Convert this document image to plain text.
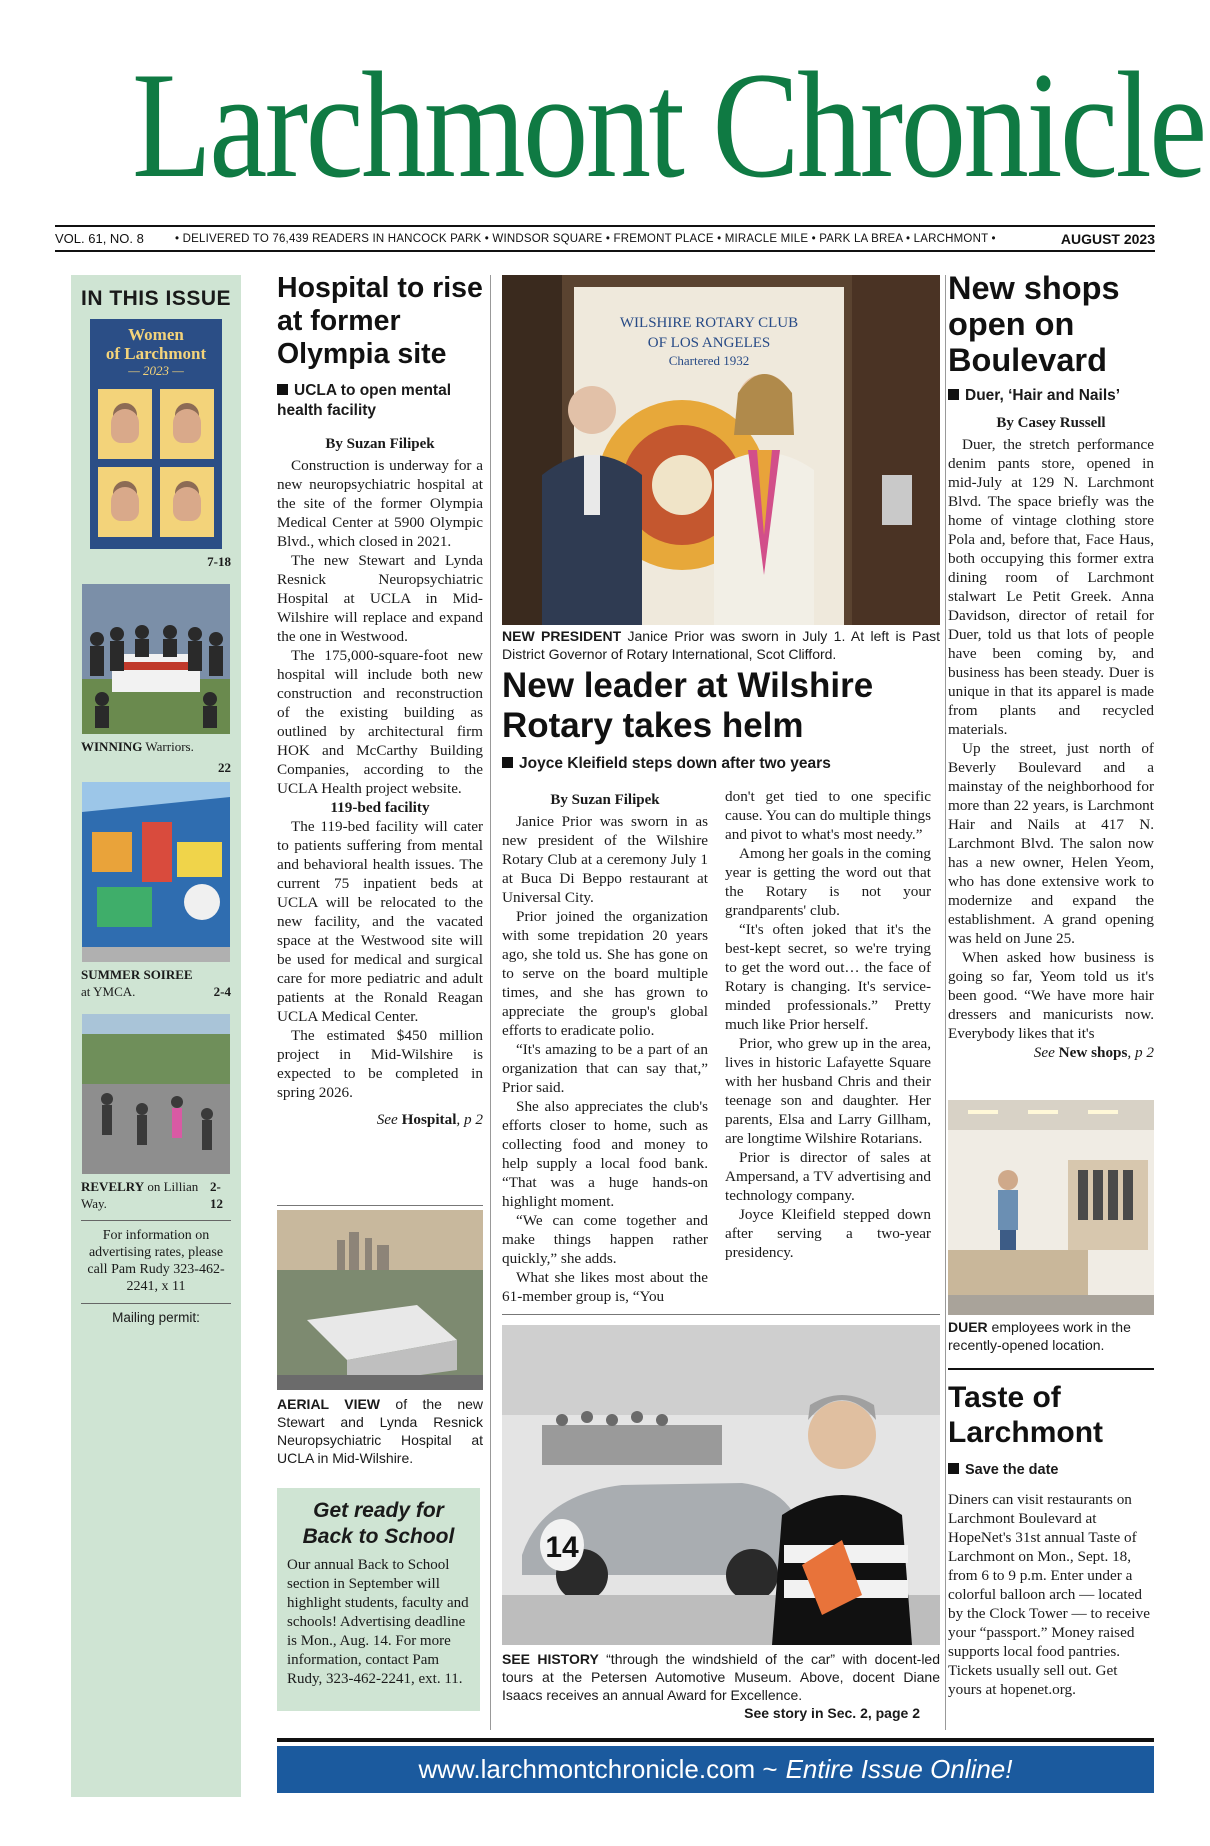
Larchmont Chronicle
VOL. 61, NO. 8	• DELIVERED TO 76,439 READERS IN HANCOCK PARK • WINDSOR SQUARE • FREMONT PLACE • MIRACLE MILE • PARK LA BREA • LARCHMONT •	AUGUST 2023
IN THIS ISSUE
Women
of Larchmont
— 2023 —
7-18
WINNING Warriors.
22
SUMMER SOIREE
at YMCA.	2-4
REVELRY on Lillian Way.
2-12
For information on advertising rates, please call Pam Rudy 323-462-2241, x 11
Mailing permit:
Hospital to rise at former Olympia site
UCLA to open mental health facility
By Suzan Filipek

Construction is underway for a new neuropsychiatric hospital at the site of the former Olympia Medical Center at 5900 Olympic Blvd., which closed in 2021.

The new Stewart and Lynda Resnick Neuropsychiatric Hospital at UCLA in Mid-Wilshire will replace and expand the one in Westwood.

The 175,000-square-foot new hospital will include both new construction and reconstruction of the existing building as outlined by architectural firm HOK and McCarthy Building Companies, according to the UCLA Health project website.

119-bed facility

The 119-bed facility will cater to patients suffering from mental and behavioral health issues. The current 75 inpatient beds at UCLA will be relocated to the new facility, and the vacated space at the Westwood site will be used for medical and surgical care for more pediatric and adult patients at the Ronald Reagan UCLA Medical Center.

The estimated $450 million project in Mid-Wilshire is expected to be completed in spring 2026.

See Hospital, p 2
AERIAL VIEW of the new Stewart and Lynda Resnick Neuropsychiatric Hospital at UCLA in Mid-Wilshire.
Get ready for Back to School
Our annual Back to School section in September will highlight students, faculty and schools! Advertising deadline is Mon., Aug. 14. For more information, contact Pam Rudy, 323-462-2241, ext. 11.
WILSHIRE ROTARY CLUB
OF LOS ANGELES
Chartered 1932
NEW PRESIDENT Janice Prior was sworn in July 1. At left is Past District Governor of Rotary International, Scot Clifford.
New leader at Wilshire Rotary takes helm
Joyce Kleifield steps down after two years
By Suzan Filipek

Janice Prior was sworn in as new president of the Wilshire Rotary Club at a ceremony July 1 at Buca Di Beppo restaurant at Universal City.

Prior joined the organization with some trepidation 20 years ago, she told us. She has gone on to serve on the board multiple times, and she has grown to appreciate the group's global efforts to eradicate polio.

“It's amazing to be a part of an organization that can say that,” Prior said.

She also appreciates the club's efforts closer to home, such as collecting food and money to help supply a local food bank. “That was a huge hands-on highlight moment.

“We can come together and make things happen rather quickly,” she adds.

What she likes most about the 61-member group is, “You

don't get tied to one specific cause. You can do multiple things and pivot to what's most needy.”

Among her goals in the coming year is getting the word out that the Rotary is not your grandparents' club.

“It's often joked that it's the best-kept secret, so we're trying to get the word out… the face of Rotary is changing. It's service-minded professionals.” Pretty much like Prior herself.

Prior, who grew up in the area, lives in historic Lafayette Square with her husband Chris and their teenage son and daughter. Her parents, Elsa and Larry Gillham, are longtime Wilshire Rotarians.

Prior is director of sales at Ampersand, a TV advertising and technology company.

Joyce Kleifield stepped down after serving a two-year presidency.

14
SEE HISTORY “through the windshield of the car” with docent-led tours at the Petersen Automotive Museum. Above, docent Diane Isaacs receives an annual Award for Excellence.
See story in Sec. 2, page 2
New shops open on Boulevard
Duer, ‘Hair and Nails’
By Casey Russell

Duer, the stretch performance denim pants store, opened in mid-July at 129 N. Larchmont Blvd. The space briefly was the home of vintage clothing store Pola and, before that, Face Haus, both occupying this former extra dining room of Larchmont stalwart Le Petit Greek. Anna Davidson, director of retail for Duer, told us that lots of people have been coming by, and business has been steady. Duer is unique in that its apparel is made from plants and recycled materials.

Up the street, just north of Beverly Boulevard and a mainstay of the neighborhood for more than 22 years, is Larchmont Hair and Nails at 417 N. Larchmont Blvd. The salon now has a new owner, Helen Yeom, who has done extensive work to modernize and expand the establishment. A grand opening was held on June 25.

When asked how business is going so far, Yeom told us it's been good. “We have more hair dressers and manicurists now. Everybody likes that it's

See New shops, p 2
DUER employees work in the recently-opened location.
Taste of Larchmont
Save the date

Diners can visit restaurants on Larchmont Boulevard at HopeNet's 31st annual Taste of Larchmont on Mon., Sept. 18, from 6 to 9 p.m. Enter under a colorful balloon arch — located by the Clock Tower — to receive your “passport.” Money raised supports local food pantries. Tickets usually sell out. Get yours at hopenet.org.

www.larchmontchronicle.com ~ Entire Issue Online!
